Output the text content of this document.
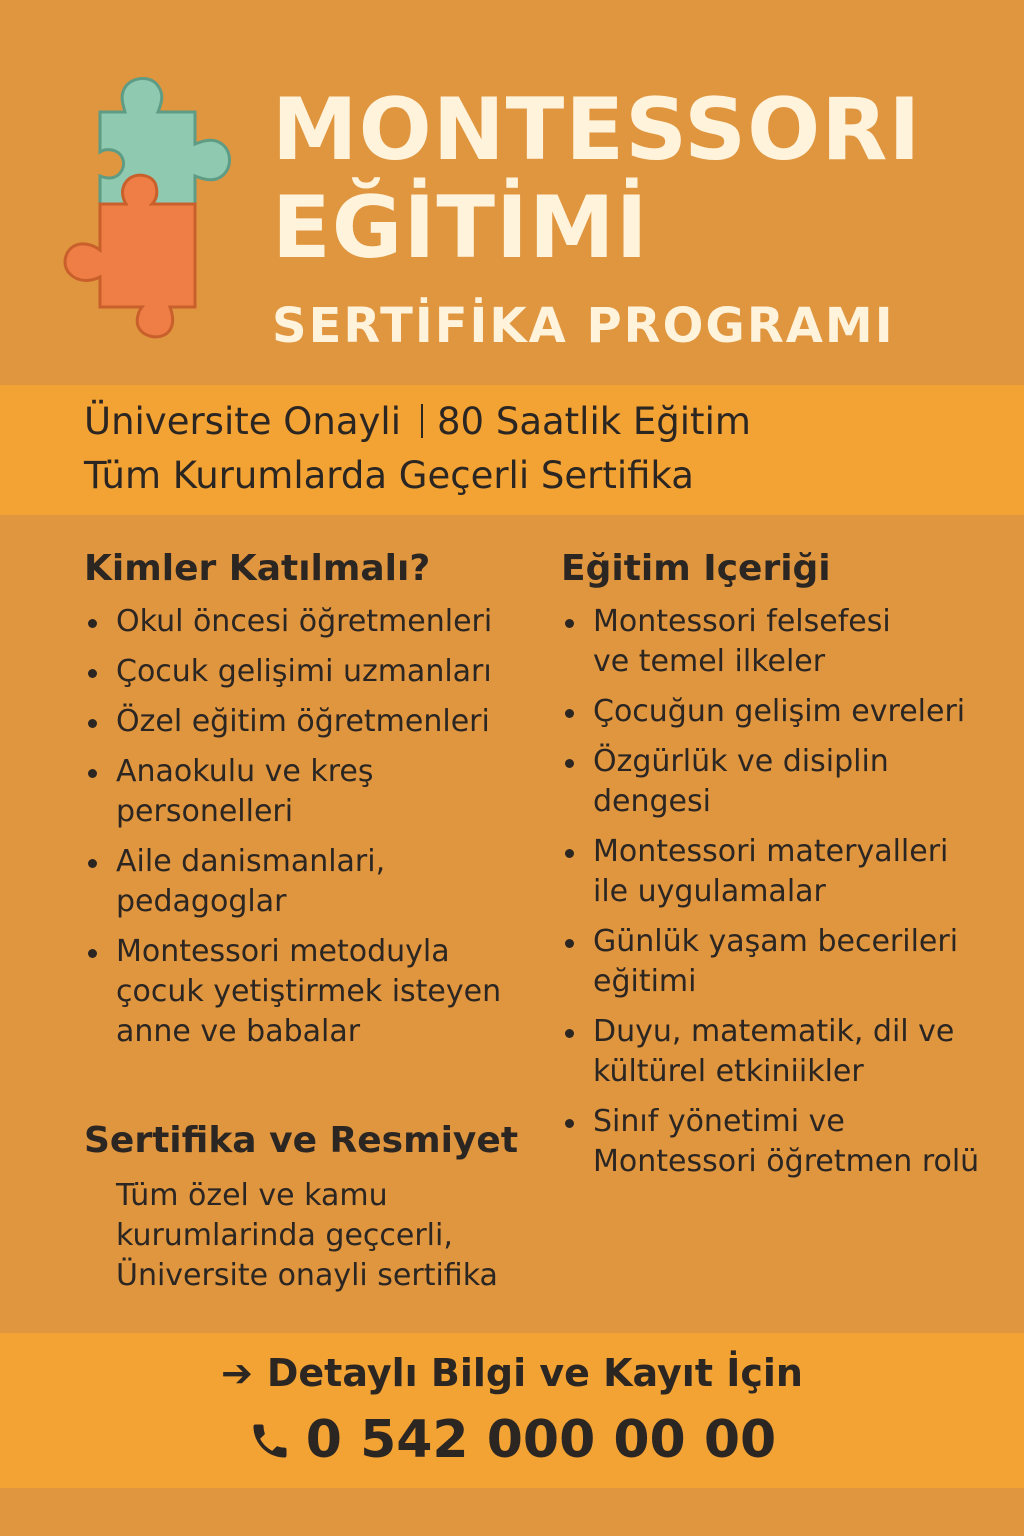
MONTESSORI
EĞİTİMİ
SERTİFİKA PROGRAMI
Üniversite Onayli 80 Saatlik Eğitim
Tüm Kurumlarda Geçerli Sertifika
Kimler Katılmalı?
Okul öncesi öğretmenleri
Çocuk gelişimi uzmanları
Özel eğitim öğretmenleri
Anaokulu ve kreş personelleri
Aile danismanlari, pedagoglar
Montessori metoduyla çocuk yetiştirmek isteyen anne ve babalar
Eğitim Içeriği
Montessori felsefesi ve temel ilkeler
Çocuğun gelişim evreleri
Özgürlük ve disiplin dengesi
Montessori materyalleri ile uygulamalar
Günlük yaşam becerileri eğitimi
Duyu, matematik, dil ve kültürel etkiniikler
Sinıf yönetimi ve Montessori öğretmen rolü
Sertifika ve Resmiyet
Tüm özel ve kamu kurumlarinda geçcerli, Üniversite onayli sertifika
➔ Detaylı Bilgi ve Kayıt İçin
0 542 000 00 00
